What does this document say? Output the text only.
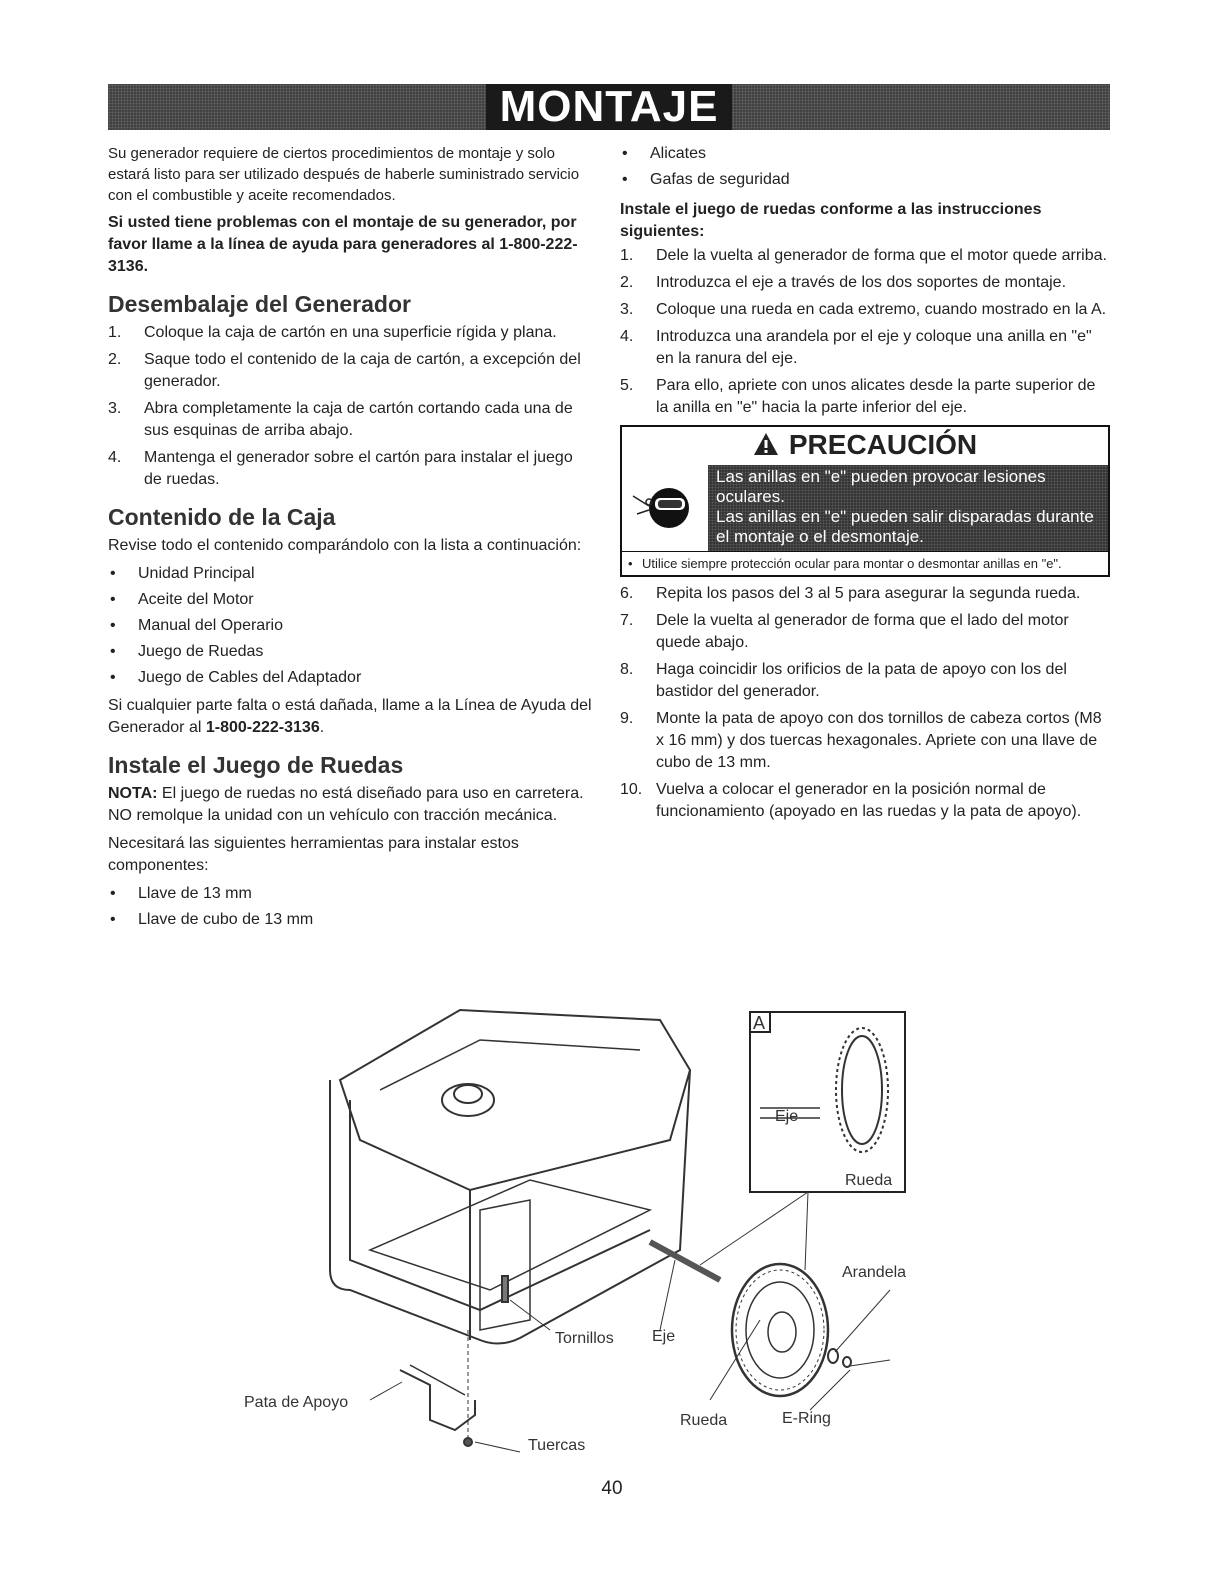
MONTAJE

Su generador requiere de ciertos procedimientos de montaje y solo estará listo para ser utilizado después de haberle suministrado servicio con el combustible y aceite recomendados.

Si usted tiene problemas con el montaje de su generador, por favor llame a la línea de ayuda para generadores al 1-800-222-3136.

Desembalaje del Generador
1.	Coloque la caja de cartón en una superficie rígida y plana.
2.	Saque todo el contenido de la caja de cartón, a excepción del generador.
3.	Abra completamente la caja de cartón cortando cada una de sus esquinas de arriba abajo.
4.	Mantenga el generador sobre el cartón para instalar el juego de ruedas.
Contenido de la Caja

Revise todo el contenido comparándolo con la lista a continuación:

•	Unidad Principal
•	Aceite del Motor
•	Manual del Operario
•	Juego de Ruedas
•	Juego de Cables del Adaptador

Si cualquier parte falta o está dañada, llame a la Línea de Ayuda del Generador al 1-800-222-3136.

Instale el Juego de Ruedas

NOTA: El juego de ruedas no está diseñado para uso en carretera. NO remolque la unidad con un vehículo con tracción mecánica.

Necesitará las siguientes herramientas para instalar estos componentes:

•	Llave de 13 mm
•	Llave de cubo de 13 mm
•	Alicates
•	Gafas de seguridad

Instale el juego de ruedas conforme a las instrucciones siguientes:

1.	Dele la vuelta al generador de forma que el motor quede arriba.
2.	Introduzca el eje a través de los dos soportes de montaje.
3.	Coloque una rueda en cada extremo, cuando mostrado en la A.
4.	Introduzca una arandela por el eje y coloque una anilla en "e" en la ranura del eje.
5.	Para ello, apriete con unos alicates desde la parte superior de la anilla en "e" hacia la parte inferior del eje.
PRECAUCIÓN
Las anillas en "e" pueden provocar lesiones oculares.
Las anillas en "e" pueden salir disparadas durante el montaje o el desmontaje.
• Utilice siempre protección ocular para montar o desmontar anillas en "e".
6.	Repita los pasos del 3 al 5 para asegurar la segunda rueda.
7.	Dele la vuelta al generador de forma que el lado del motor quede abajo.
8.	Haga coincidir los orificios de la pata de apoyo con los del bastidor del generador.
9.	Monte la pata de apoyo con dos tornillos de cabeza cortos (M8 x 16 mm) y dos tuercas hexagonales. Apriete con una llave de cubo de 13 mm.
10. Vuelva a colocar el generador en la posición normal de funcionamiento (apoyado en las ruedas y la pata de apoyo).
A
Eje
Rueda
Arandela
Tornillos Eje
Pata de Apoyo
Rueda	E-Ring
Tuercas
40
